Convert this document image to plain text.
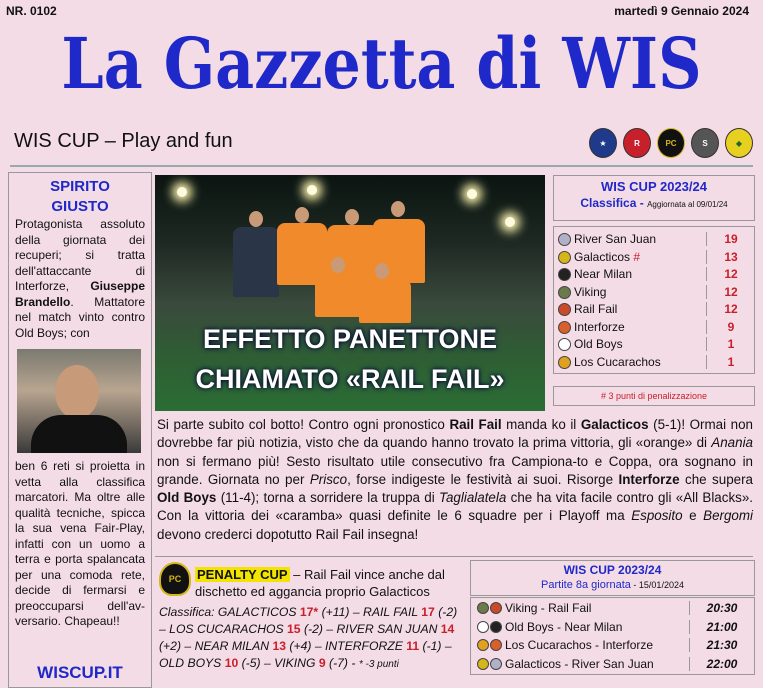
NR. 0102	martedì 9 Gennaio 2024
La Gazzetta di WIS
WIS CUP – Play and fun	★	R	PC	S	◆
SPIRITO
GIUSTO
Protagonista assoluto della giornata dei recuperi; si tratta dell'attaccante di Interforze, Giuseppe Brandello. Mattatore nel match vinto contro Old Boys; con
ben 6 reti si proietta in vetta alla classifica marcatori. Ma oltre alle qualità tecniche, spicca la sua vena Fair-Play, infatti con un uomo a terra e porta spalancata per una comoda rete, decide di fermarsi e preoccuparsi dell'av-versario. Chapeau!!
WISCUP.IT
EFFETTO PANETTONE
CHIAMATO «RAIL FAIL»
WIS CUP 2023/24
Classifica - Aggiornata al 09/01/24
River San Juan	19
Galacticos #	13
Near Milan	12
Viking	12
Rail Fail	12
Interforze	9
Old Boys	1
Los Cucarachos	1
# 3 punti di penalizzazione
Si parte subito col botto! Contro ogni pronostico Rail Fail manda ko il Galacticos (5-1)! Ormai non dovrebbe far più notizia, visto che da quando hanno trovato la prima vittoria, gli «orange» di Anania non si fermano più! Sesto risultato utile consecutivo fra Campiona-to e Coppa, ora sognano in grande. Giornata no per Prisco, forse indigeste le festività ai suoi. Risorge Interforze che supera Old Boys (11-4); torna a sorridere la truppa di Taglialatela che ha vita facile contro gli «All Blacks». Con la vittoria dei «caramba» quasi definite le 6 squadre per i Playoff ma Esposito e Bergomi devono crederci dopotutto Rail Fail insegna!
PC	PENALTY CUP – Rail Fail vince anche dal dischetto ed aggancia proprio Galacticos
Classifica: GALACTICOS 17* (+11) – RAIL FAIL 17 (-2) – LOS CUCARACHOS 15 (-2) – RIVER SAN JUAN 14 (+2) – NEAR MILAN 13 (+4) – INTERFORZE 11 (-1) – OLD BOYS 10 (-5) – VIKING 9 (-7) - * -3 punti
WIS CUP 2023/24
Partite 8a giornata - 15/01/2024
Viking - Rail Fail	20:30
Old Boys - Near Milan	21:00
Los Cucarachos - Interforze	21:30
Galacticos - River San Juan	22:00
